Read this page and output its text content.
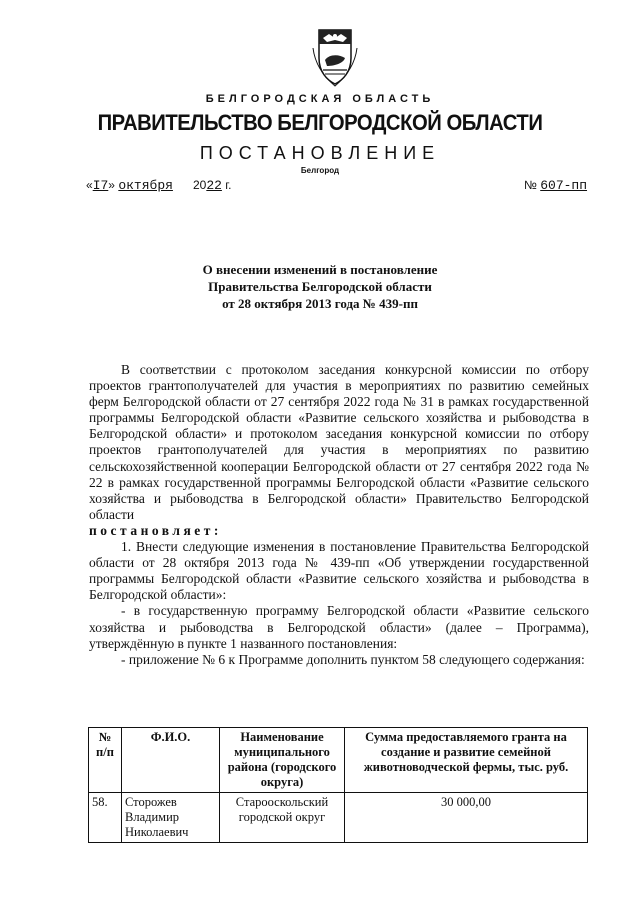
БЕЛГОРОДСКАЯ ОБЛАСТЬ
ПРАВИТЕЛЬСТВО БЕЛГОРОДСКОЙ ОБЛАСТИ
ПОСТАНОВЛЕНИЕ
Белгород
«I7» октября 2022 г.	№ 607-пп
О внесении изменений в постановление
Правительства Белгородской области
от 28 октября 2013 года № 439-пп

В соответствии с протоколом заседания конкурсной комиссии по отбору проектов грантополучателей для участия в мероприятиях по развитию семейных ферм Белгородской области от 27 сентября 2022 года № 31 в рамках государственной программы Белгородской области «Развитие сельского хозяйства и рыбоводства в Белгородской области» и протоколом заседания конкурсной комиссии по отбору проектов грантополучателей для участия в мероприятиях по развитию сельскохозяйственной кооперации Белгородской области от 27 сентября 2022 года № 22 в рамках государственной программы Белгородской области «Развитие сельского хозяйства и рыбоводства в Белгородской области» Правительство Белгородской области

постановляет:

1. Внести следующие изменения в постановление Правительства Белгородской области от 28 октября 2013 года № 439-пп «Об утверждении государственной программы Белгородской области «Развитие сельского хозяйства и рыбоводства в Белгородской области»:

- в государственную программу Белгородской области «Развитие сельского хозяйства и рыбоводства в Белгородской области» (далее – Программа), утверждённую в пункте 1 названного постановления:

- приложение № 6 к Программе дополнить пунктом 58 следующего содержания:

№ п/п	Ф.И.О.	Наименование муниципального района (городского округа)	Сумма предоставляемого гранта на создание и развитие семейной животноводческой фермы, тыс. руб.
58.	Сторожев Владимир Николаевич	Старооскольский городской округ	30 000,00
